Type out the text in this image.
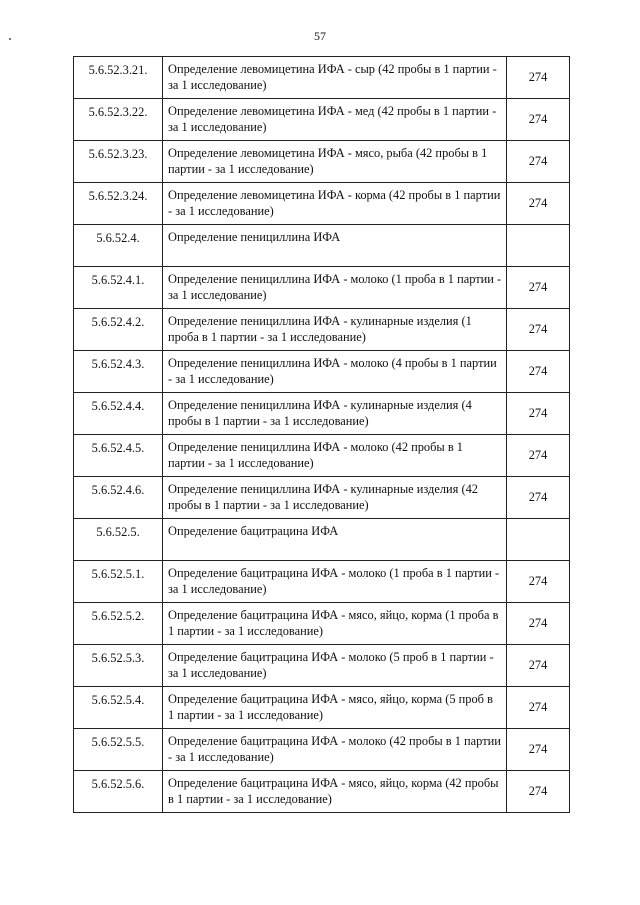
57
5.6.52.3.21.	Определение левомицетина ИФА - сыр (42 пробы в 1 партии - за 1 исследование)	274
5.6.52.3.22.	Определение левомицетина ИФА - мед (42 пробы в 1 партии - за 1 исследование)	274
5.6.52.3.23.	Определение левомицетина ИФА - мясо, рыба (42 пробы в 1 партии - за 1 исследование)	274
5.6.52.3.24.	Определение левомицетина ИФА - корма (42 пробы в 1 партии - за 1 исследование)	274
5.6.52.4.	Определение пенициллина ИФА	
5.6.52.4.1.	Определение пенициллина ИФА - молоко (1 проба в 1 партии - за 1 исследование)	274
5.6.52.4.2.	Определение пенициллина ИФА - кулинарные изделия (1 проба в 1 партии - за 1 исследование)	274
5.6.52.4.3.	Определение пенициллина ИФА - молоко (4 пробы в 1 партии - за 1 исследование)	274
5.6.52.4.4.	Определение пенициллина ИФА - кулинарные изделия (4 пробы в 1 партии - за 1 исследование)	274
5.6.52.4.5.	Определение пенициллина ИФА - молоко (42 пробы в 1 партии - за 1 исследование)	274
5.6.52.4.6.	Определение пенициллина ИФА - кулинарные изделия (42 пробы в 1 партии - за 1 исследование)	274
5.6.52.5.	Определение бацитрацина ИФА	
5.6.52.5.1.	Определение бацитрацина ИФА - молоко (1 проба в 1 партии - за 1 исследование)	274
5.6.52.5.2.	Определение бацитрацина ИФА - мясо, яйцо, корма (1 проба в 1 партии - за 1 исследование)	274
5.6.52.5.3.	Определение бацитрацина ИФА - молоко (5 проб в 1 партии - за 1 исследование)	274
5.6.52.5.4.	Определение бацитрацина ИФА - мясо, яйцо, корма (5 проб в 1 партии - за 1 исследование)	274
5.6.52.5.5.	Определение бацитрацина ИФА - молоко (42 пробы в 1 партии - за 1 исследование)	274
5.6.52.5.6.	Определение бацитрацина ИФА - мясо, яйцо, корма (42 пробы в 1 партии - за 1 исследование)	274
